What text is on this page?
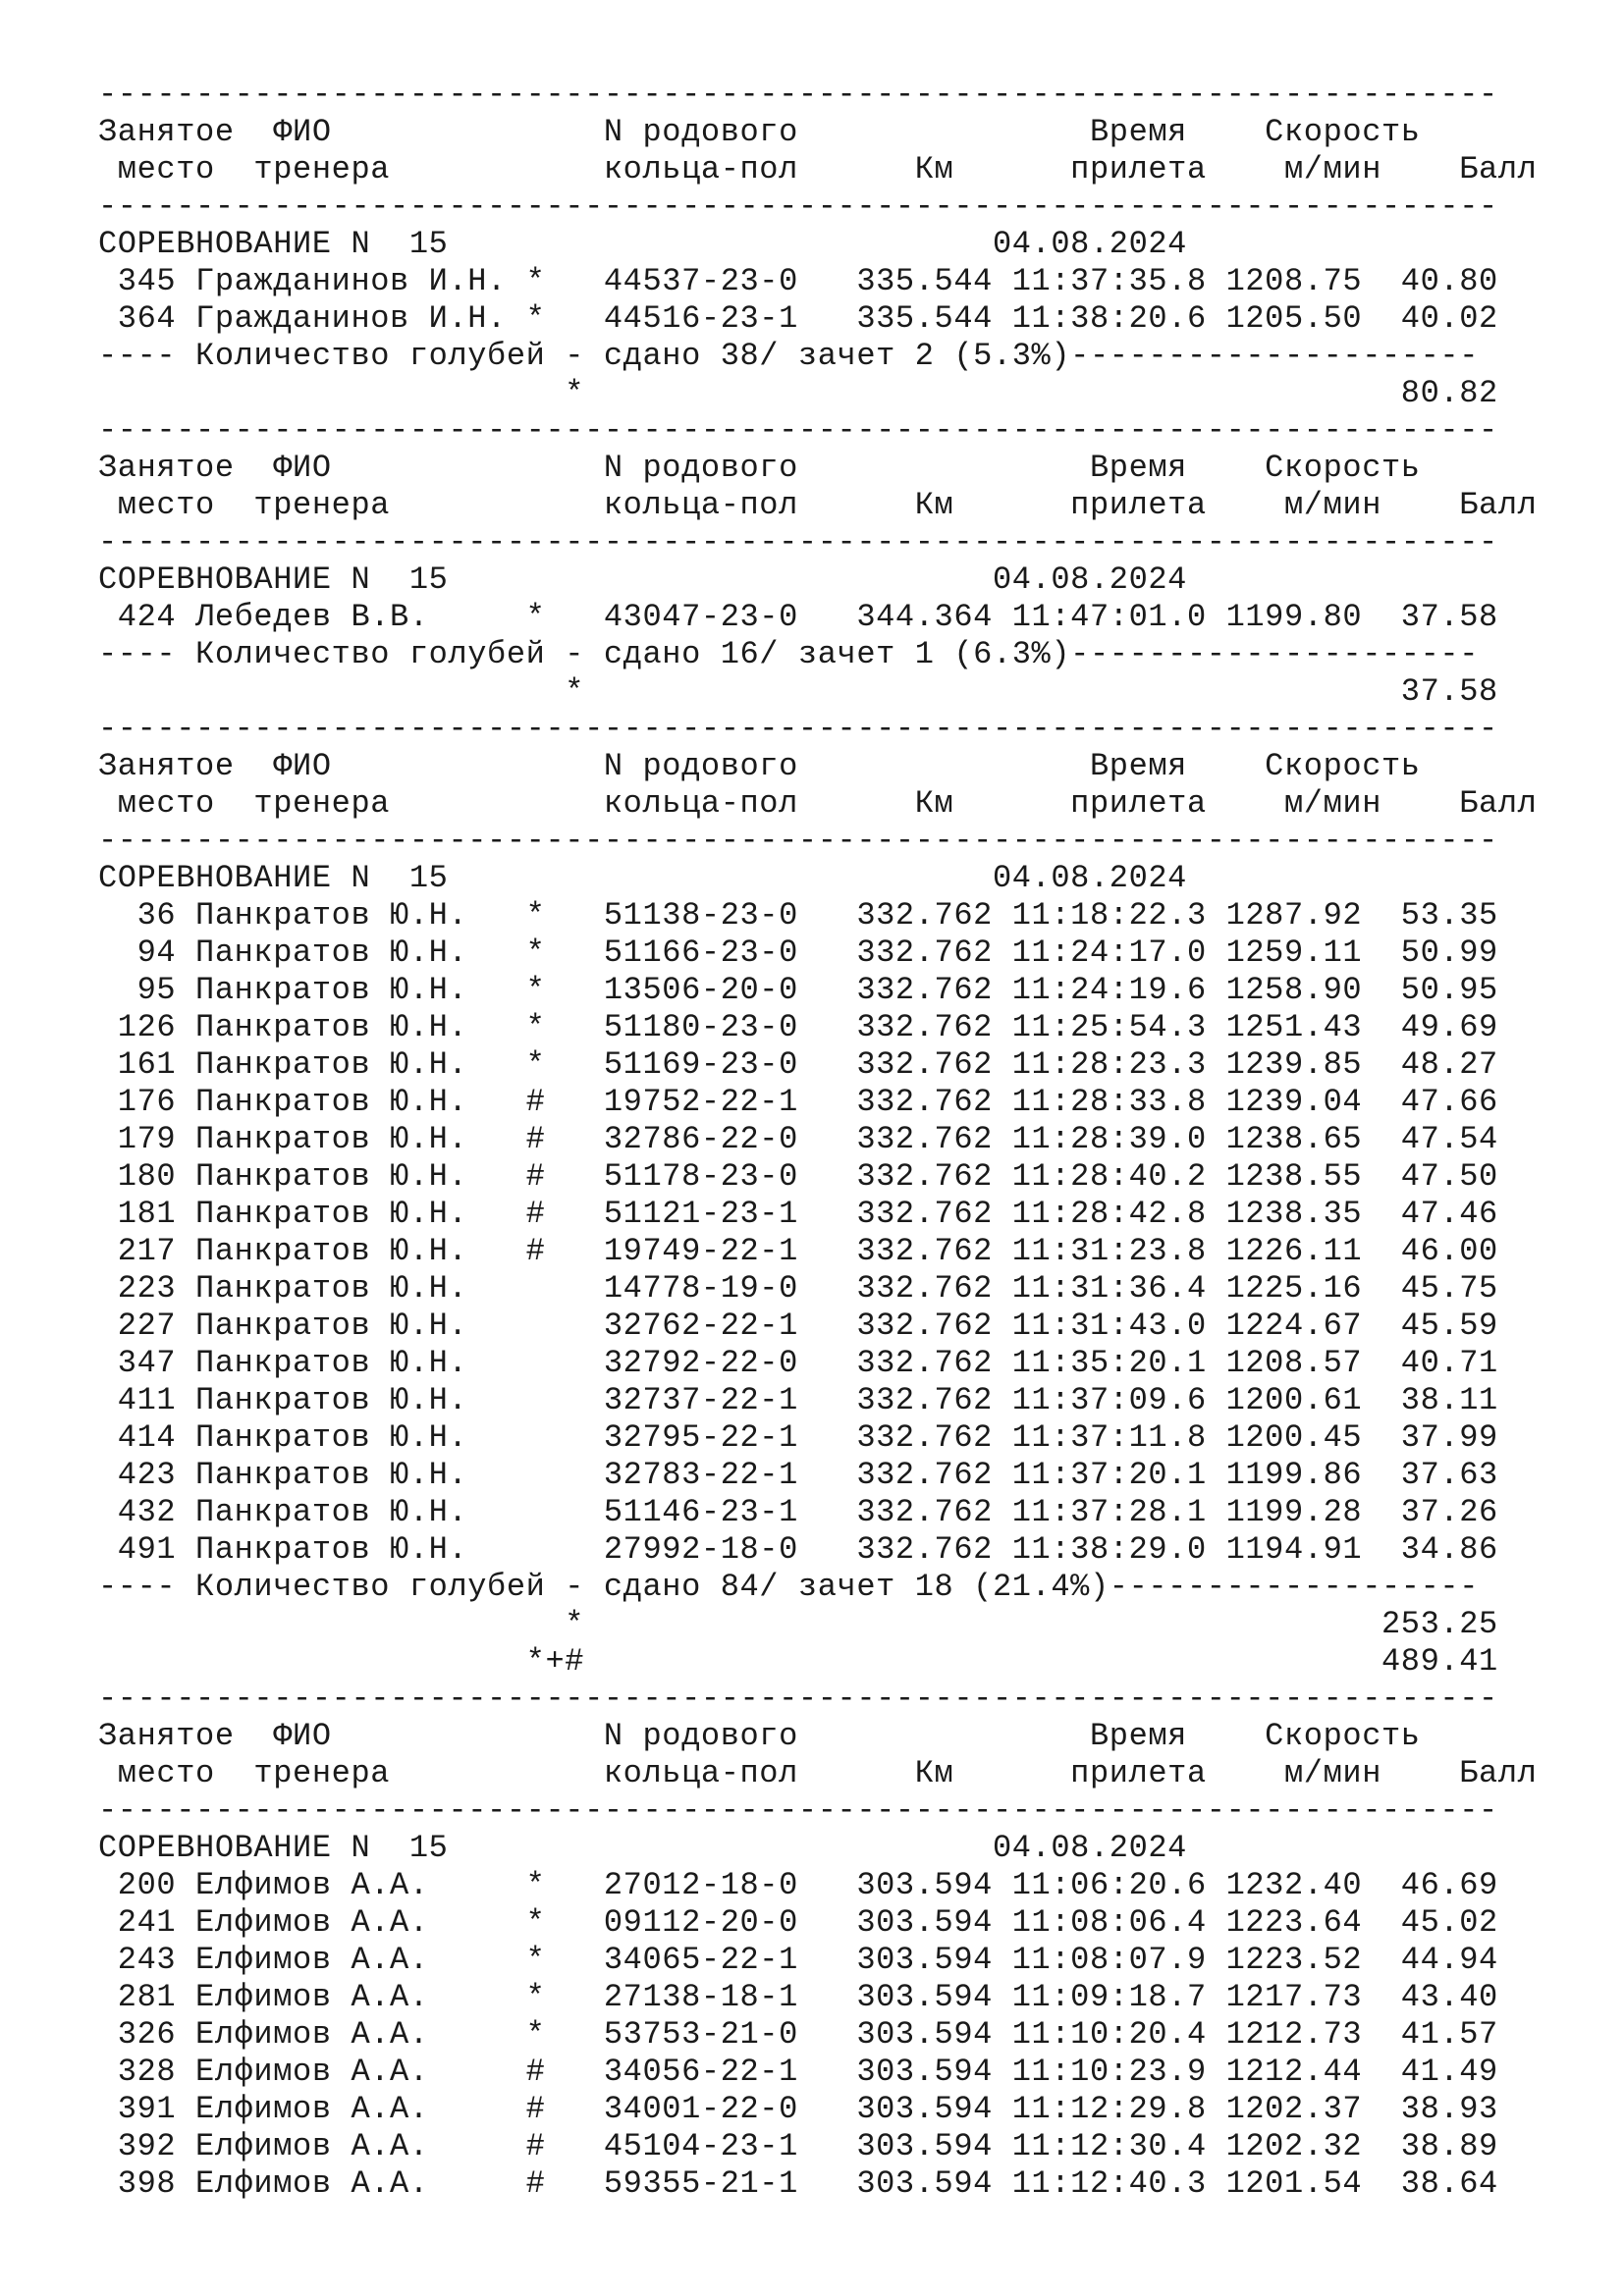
------------------------------------------------------------------------
Занятое  ФИО              N родового               Время    Скорость
место  тренера           кольца-пол      Км      прилета    м/мин    Балл
------------------------------------------------------------------------
СОРЕВНОВАНИЕ N  15                            04.08.2024
345 Гражданинов И.Н. *   44537-23-0   335.544 11:37:35.8 1208.75  40.80
364 Гражданинов И.Н. *   44516-23-1   335.544 11:38:20.6 1205.50  40.02
---- Количество голубей - сдано 38/ зачет 2 (5.3%)---------------------
*                                          80.82
------------------------------------------------------------------------
Занятое  ФИО              N родового               Время    Скорость
место  тренера           кольца-пол      Км      прилета    м/мин    Балл
------------------------------------------------------------------------
СОРЕВНОВАНИЕ N  15                            04.08.2024
424 Лебедев В.В.     *   43047-23-0   344.364 11:47:01.0 1199.80  37.58
---- Количество голубей - сдано 16/ зачет 1 (6.3%)---------------------
*                                          37.58
------------------------------------------------------------------------
Занятое  ФИО              N родового               Время    Скорость
место  тренера           кольца-пол      Км      прилета    м/мин    Балл
------------------------------------------------------------------------
СОРЕВНОВАНИЕ N  15                            04.08.2024
36 Панкратов Ю.Н.   *   51138-23-0   332.762 11:18:22.3 1287.92  53.35
94 Панкратов Ю.Н.   *   51166-23-0   332.762 11:24:17.0 1259.11  50.99
95 Панкратов Ю.Н.   *   13506-20-0   332.762 11:24:19.6 1258.90  50.95
126 Панкратов Ю.Н.   *   51180-23-0   332.762 11:25:54.3 1251.43  49.69
161 Панкратов Ю.Н.   *   51169-23-0   332.762 11:28:23.3 1239.85  48.27
176 Панкратов Ю.Н.   #   19752-22-1   332.762 11:28:33.8 1239.04  47.66
179 Панкратов Ю.Н.   #   32786-22-0   332.762 11:28:39.0 1238.65  47.54
180 Панкратов Ю.Н.   #   51178-23-0   332.762 11:28:40.2 1238.55  47.50
181 Панкратов Ю.Н.   #   51121-23-1   332.762 11:28:42.8 1238.35  47.46
217 Панкратов Ю.Н.   #   19749-22-1   332.762 11:31:23.8 1226.11  46.00
223 Панкратов Ю.Н.       14778-19-0   332.762 11:31:36.4 1225.16  45.75
227 Панкратов Ю.Н.       32762-22-1   332.762 11:31:43.0 1224.67  45.59
347 Панкратов Ю.Н.       32792-22-0   332.762 11:35:20.1 1208.57  40.71
411 Панкратов Ю.Н.       32737-22-1   332.762 11:37:09.6 1200.61  38.11
414 Панкратов Ю.Н.       32795-22-1   332.762 11:37:11.8 1200.45  37.99
423 Панкратов Ю.Н.       32783-22-1   332.762 11:37:20.1 1199.86  37.63
432 Панкратов Ю.Н.       51146-23-1   332.762 11:37:28.1 1199.28  37.26
491 Панкратов Ю.Н.       27992-18-0   332.762 11:38:29.0 1194.91  34.86
---- Количество голубей - сдано 84/ зачет 18 (21.4%)-------------------
*                                         253.25
*+#                                         489.41
------------------------------------------------------------------------
Занятое  ФИО              N родового               Время    Скорость
место  тренера           кольца-пол      Км      прилета    м/мин    Балл
------------------------------------------------------------------------
СОРЕВНОВАНИЕ N  15                            04.08.2024
200 Елфимов А.А.     *   27012-18-0   303.594 11:06:20.6 1232.40  46.69
241 Елфимов А.А.     *   09112-20-0   303.594 11:08:06.4 1223.64  45.02
243 Елфимов А.А.     *   34065-22-1   303.594 11:08:07.9 1223.52  44.94
281 Елфимов А.А.     *   27138-18-1   303.594 11:09:18.7 1217.73  43.40
326 Елфимов А.А.     *   53753-21-0   303.594 11:10:20.4 1212.73  41.57
328 Елфимов А.А.     #   34056-22-1   303.594 11:10:23.9 1212.44  41.49
391 Елфимов А.А.     #   34001-22-0   303.594 11:12:29.8 1202.37  38.93
392 Елфимов А.А.     #   45104-23-1   303.594 11:12:30.4 1202.32  38.89
398 Елфимов А.А.     #   59355-21-1   303.594 11:12:40.3 1201.54  38.64
